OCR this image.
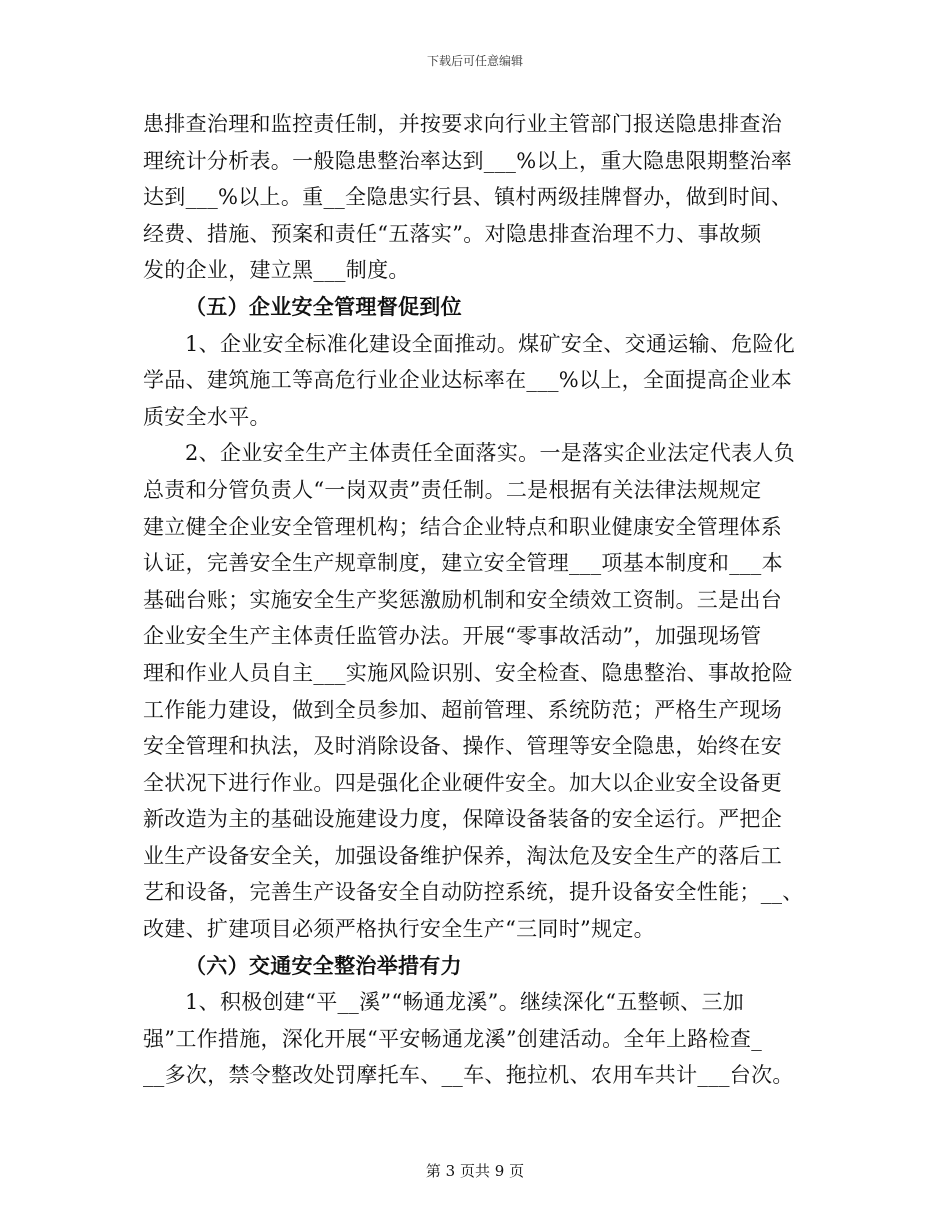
下载后可任意编辑
患排查治理和监控责任制，并按要求向行业主管部门报送隐患排查治
理统计分析表。一般隐患整治率达到___%以上，重大隐患限期整治率
达到___%以上。重__全隐患实行县、镇村两级挂牌督办，做到时间、
经费、措施、预案和责任“五落实”。对隐患排查治理不力、事故频
发的企业，建立黑___制度。
（五）企业安全管理督促到位
1、企业安全标准化建设全面推动。煤矿安全、交通运输、危险化
学品、建筑施工等高危行业企业达标率在___%以上，全面提高企业本
质安全水平。
2、企业安全生产主体责任全面落实。一是落实企业法定代表人负
总责和分管负责人“一岗双责”责任制。二是根据有关法律法规规定
建立健全企业安全管理机构；结合企业特点和职业健康安全管理体系
认证，完善安全生产规章制度，建立安全管理___项基本制度和___本
基础台账；实施安全生产奖惩激励机制和安全绩效工资制。三是出台
企业安全生产主体责任监管办法。开展“零事故活动”，加强现场管
理和作业人员自主___实施风险识别、安全检查、隐患整治、事故抢险
工作能力建设，做到全员参加、超前管理、系统防范；严格生产现场
安全管理和执法，及时消除设备、操作、管理等安全隐患，始终在安
全状况下进行作业。四是强化企业硬件安全。加大以企业安全设备更
新改造为主的基础设施建设力度，保障设备装备的安全运行。严把企
业生产设备安全关，加强设备维护保养，淘汰危及安全生产的落后工
艺和设备，完善生产设备安全自动防控系统，提升设备安全性能；__、
改建、扩建项目必须严格执行安全生产“三同时”规定。
（六）交通安全整治举措有力
1、积极创建“平__溪”“畅通龙溪”。继续深化“五整顿、三加
强”工作措施，深化开展“平安畅通龙溪”创建活动。全年上路检查_
__多次，禁令整改处罚摩托车、__车、拖拉机、农用车共计___台次。
第 3 页共 9 页
